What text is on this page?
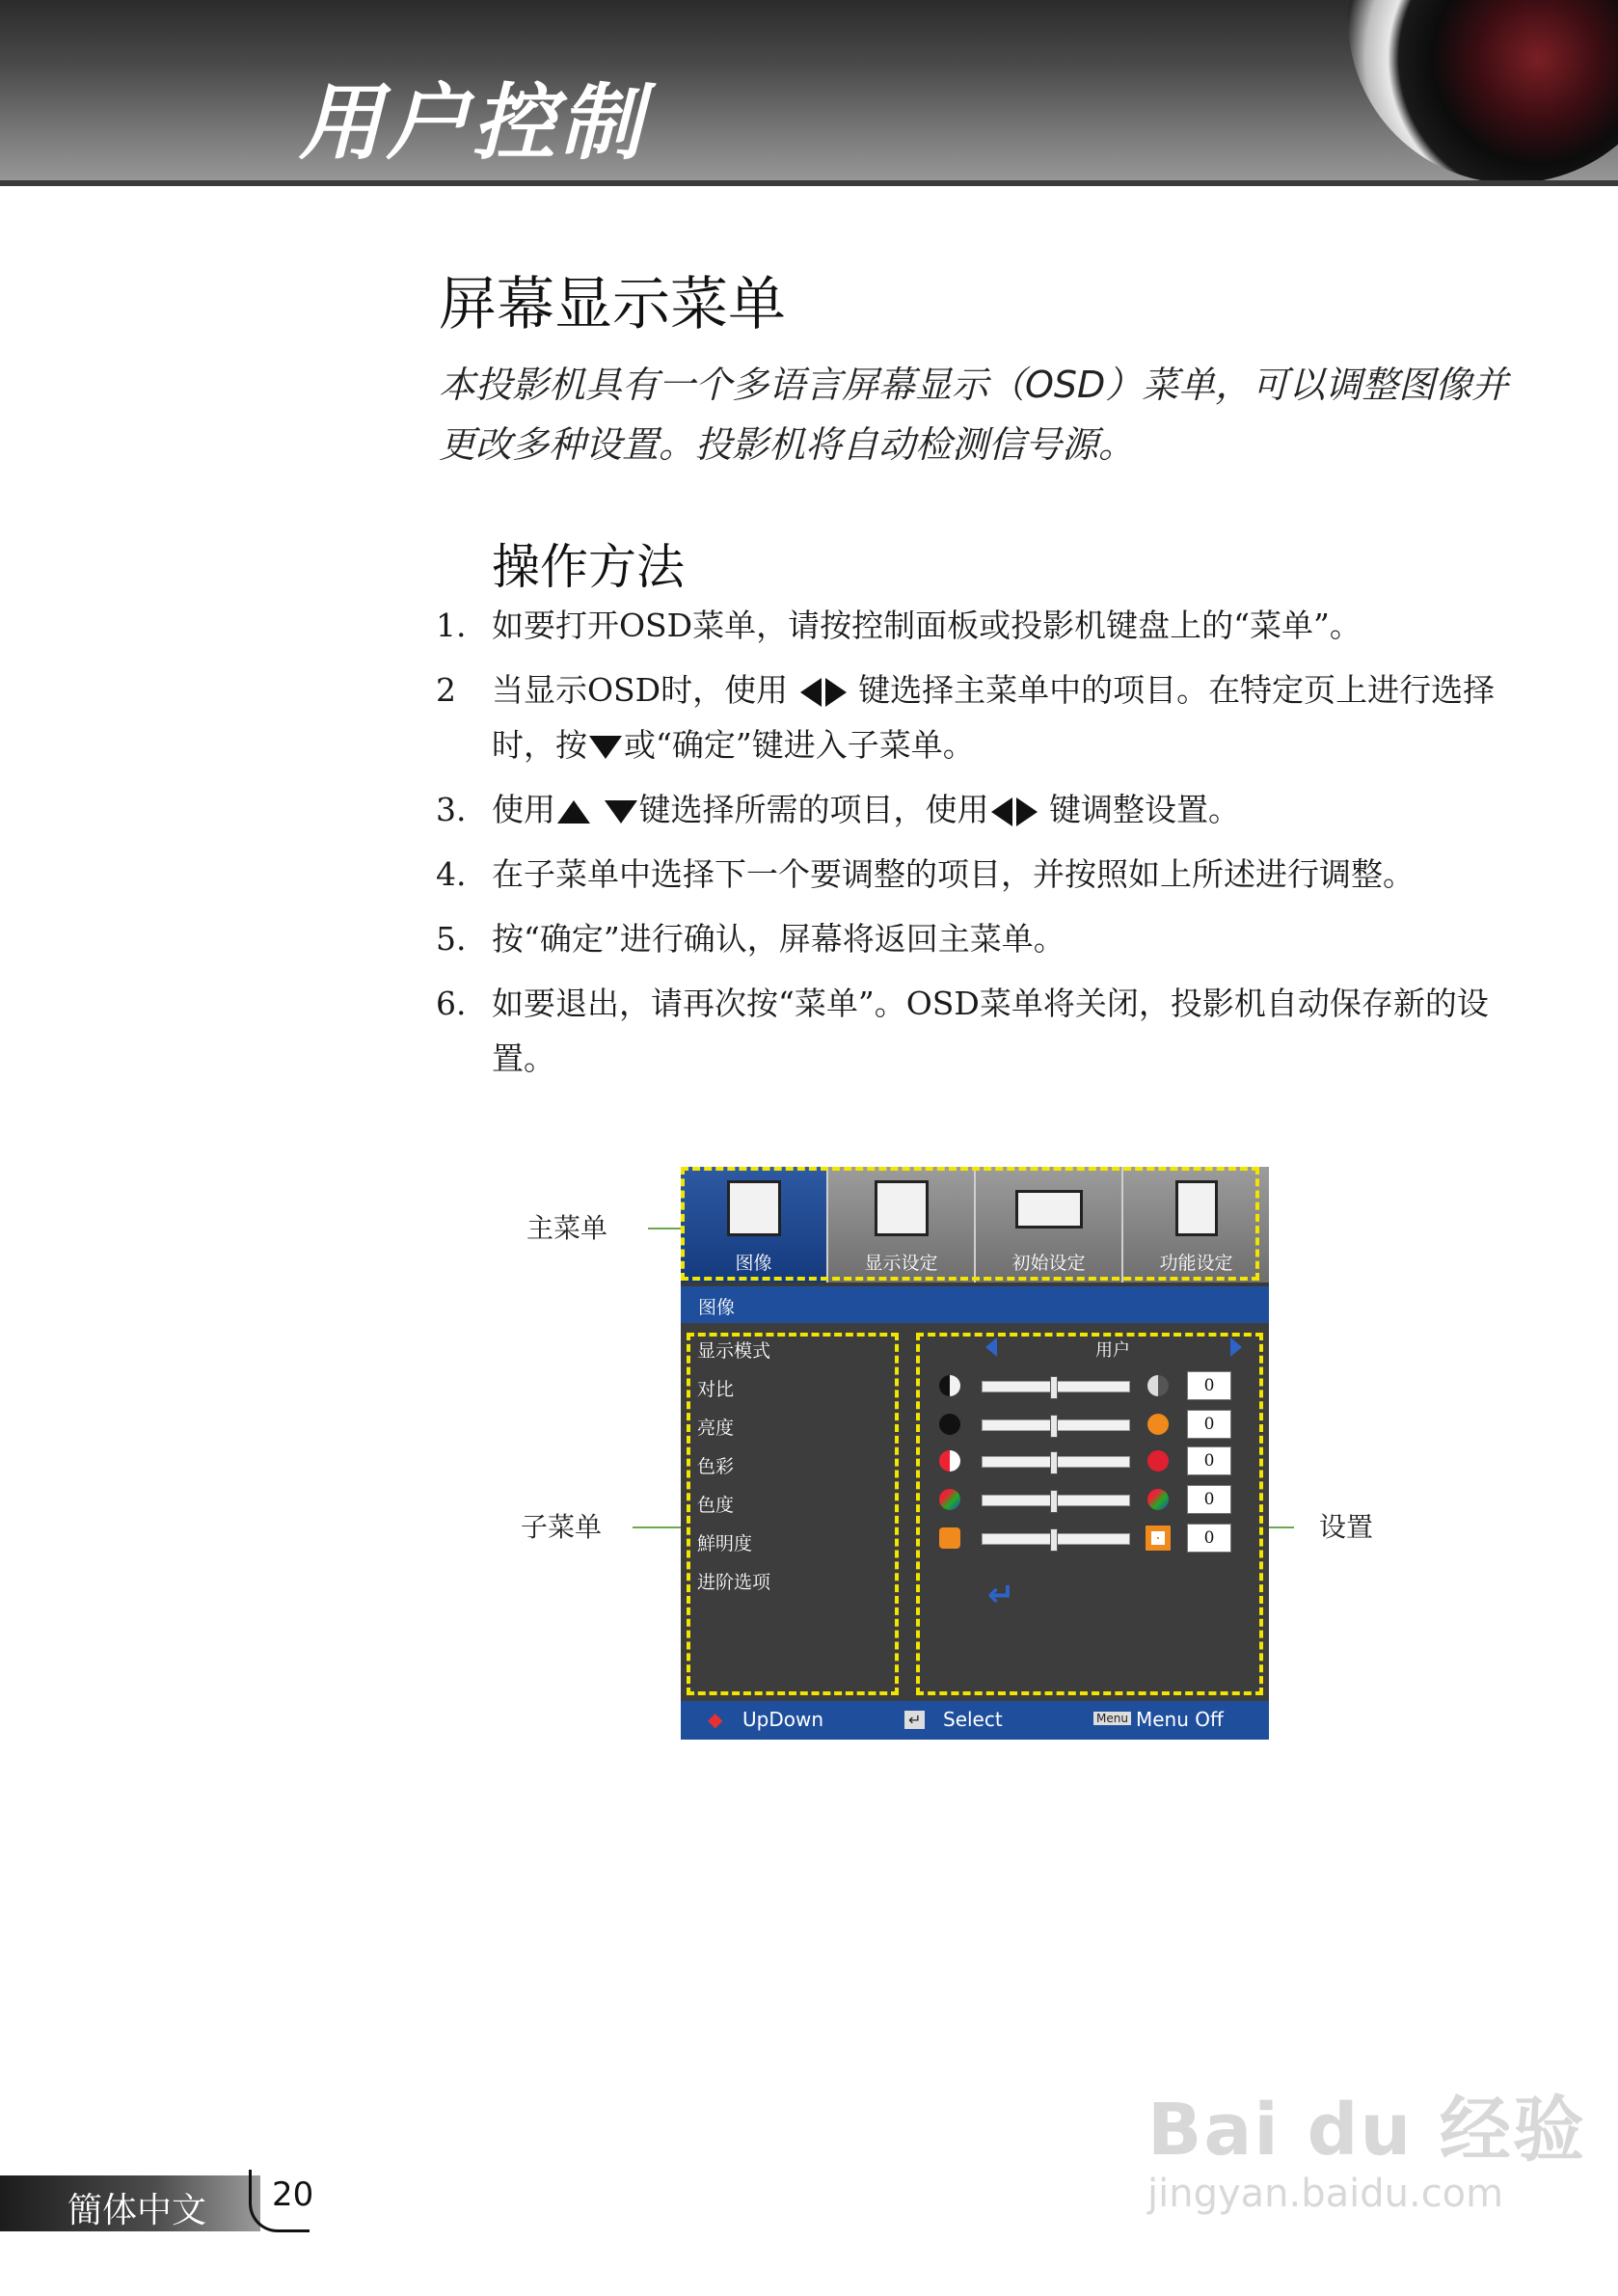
用户控制
屏幕显示菜单
本投影机具有一个多语言屏幕显示（OSD）菜单，可以调整图像并更改多种设置。投影机将自动检测信号源。
操作方法
1. 如要打开OSD菜单，请按控制面板或投影机键盘上的“菜单”。
2 当显示OSD时，使用 键选择主菜单中的项目。在特定页上进行选择时，按 或“确定”键进入子菜单。
3. 使用	键选择所需的项目，使用 键调整设置。
4. 在子菜单中选择下一个要调整的项目，并按照如上所述进行调整。
5. 按“确定”进行确认，屏幕将返回主菜单。
6. 如要退出，请再次按“菜单”。OSD菜单将关闭，投影机自动保存新的设置。
主菜单
子菜单	设置
图像	显示设定	初始设定	功能设定
图像
显示模式
对比
亮度
色彩
色度
鮮明度
进阶选项
用户
0
0
0
0
0
↵
◆ UpDown	↵ Select	Menu Menu Off
簡体中文 20
Bai du 经验
jingyan.baidu.com
